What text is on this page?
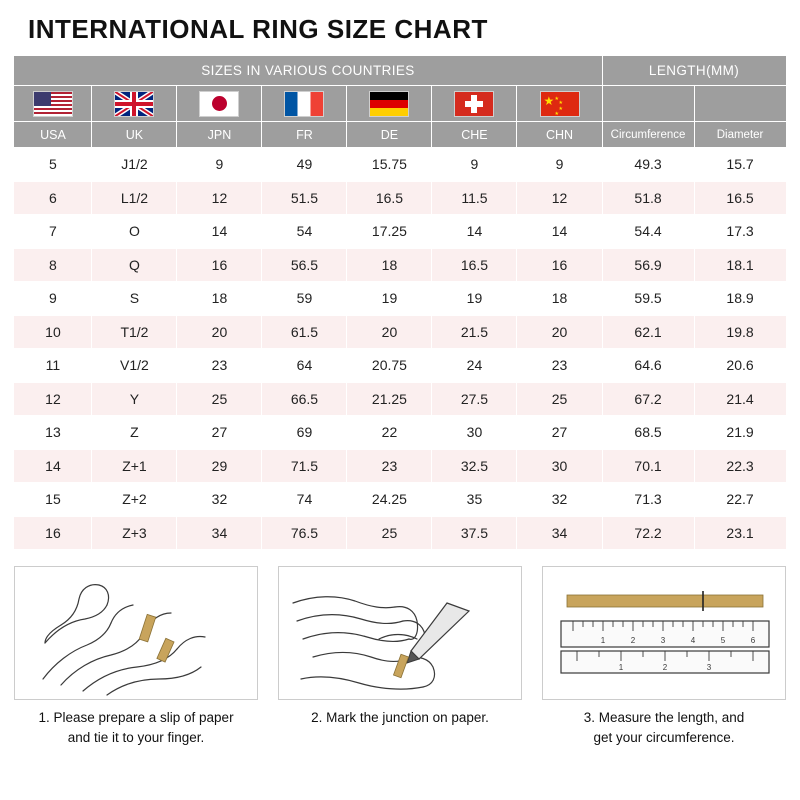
INTERNATIONAL RING SIZE CHART
SIZES IN VARIOUS COUNTRIES							LENGTH(MM)	

						★ ★
★
★
★		

USA	UK	JPN	FR	DE	CHE	CHN	Circumference	Diameter
5	J1/2	9	49	15.75	9	9	49.3	15.7
6	L1/2	12	51.5	16.5	11.5	12	51.8	16.5
7	O	14	54	17.25	14	14	54.4	17.3
8	Q	16	56.5	18	16.5	16	56.9	18.1
9	S	18	59	19	19	18	59.5	18.9
10	T1/2	20	61.5	20	21.5	20	62.1	19.8
11	V1/2	23	64	20.75	24	23	64.6	20.6
12	Y	25	66.5	21.25	27.5	25	67.2	21.4
13	Z	27	69	22	30	27	68.5	21.9
14	Z+1	29	71.5	23	32.5	30	70.1	22.3
15	Z+2	32	74	24.25	35	32	71.3	22.7
16	Z+3	34	76.5	25	37.5	34	72.2	23.1
1. Please prepare a slip of paper
and tie it to your finger.
2. Mark the junction on paper.
1	2	3	4	5	6
1	2	3
3. Measure the length, and
get your circumference.
